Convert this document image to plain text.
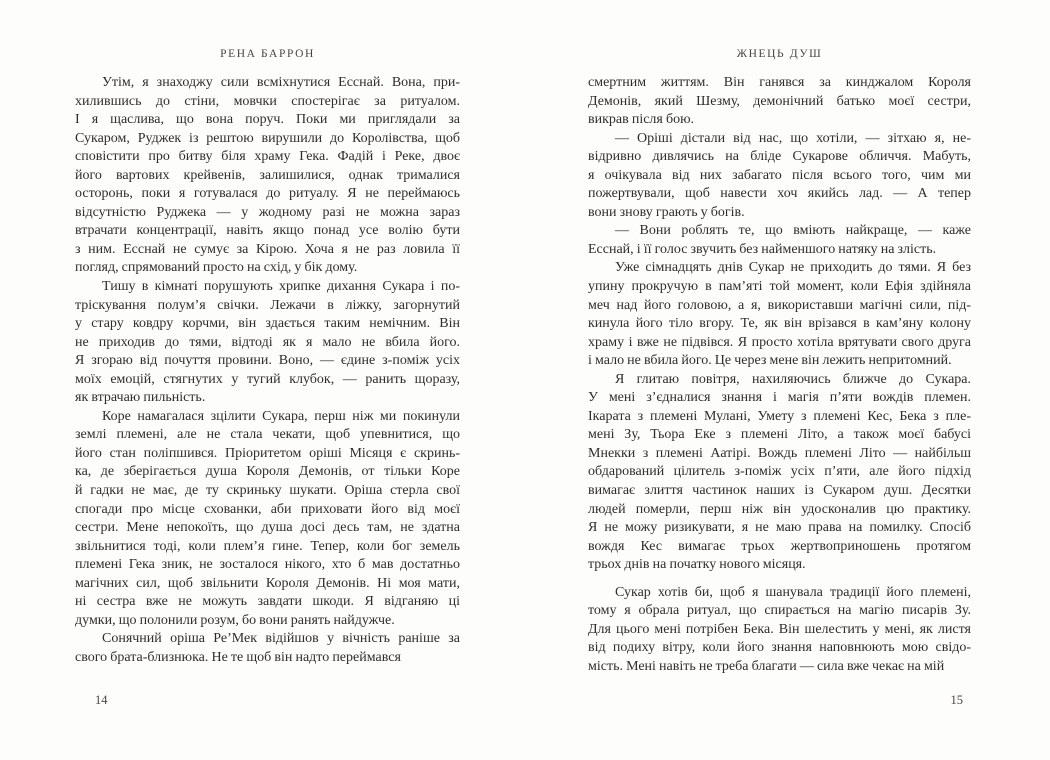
РЕНА БАРРОН	ЖНЕЦЬ ДУШ
Утім, я знаходжу сили всміхнутися Есснай. Вона, при-
хилившись до стіни, мовчки спостерігає за ритуалом.
І я щаслива, що вона поруч. Поки ми приглядали за
Сукаром, Руджек із рештою вирушили до Королівства, щоб
сповістити про битву біля храму Гека. Фадій і Реке, двоє
його вартових крейвенів, залишилися, однак трималися
осторонь, поки я готувалася до ритуалу. Я не переймаюсь
відсутністю Руджека — у жодному разі не можна зараз
втрачати концентрації, навіть якщо понад усе волію бути
з ним. Есснай не сумує за Кірою. Хоча я не раз ловила її
погляд, спрямований просто на схід, у бік дому.
Тишу в кімнаті порушують хрипке дихання Сукара і по-
тріскування полум’я свічки. Лежачи в ліжку, загорнутий
у стару ковдру корчми, він здається таким немічним. Він
не приходив до тями, відтоді як я мало не вбила його.
Я згораю від почуття провини. Воно, — єдине з-поміж усіх
моїх емоцій, стягнутих у тугий клубок, — ранить щоразу,
як втрачаю пильність.
Коре намагалася зцілити Сукара, перш ніж ми покинули
землі племені, але не стала чекати, щоб упевнитися, що
його стан поліпшився. Пріоритетом оріші Місяця є скринь-
ка, де зберігається душа Короля Демонів, от тільки Коре
й гадки не має, де ту скриньку шукати. Оріша стерла свої
спогади про місце схованки, аби приховати його від моєї
сестри. Мене непокоїть, що душа досі десь там, не здатна
звільнитися тоді, коли плем’я гине. Тепер, коли бог земель
племені Гека зник, не зосталося нікого, хто б мав достатньо
магічних сил, щоб звільнити Короля Демонів. Ні моя мати,
ні сестра вже не можуть завдати шкоди. Я відганяю ці
думки, що полонили розум, бо вони ранять найдужче.
Сонячний оріша Ре’Мек відійшов у вічність раніше за
свого брата-близнюка. Не те щоб він надто переймався
смертним життям. Він ганявся за кинджалом Короля
Демонів, який Шезму, демонічний батько моєї сестри,
викрав після бою.
— Оріші дістали від нас, що хотіли, — зітхаю я, не-
відривно дивлячись на бліде Сукарове обличчя. Мабуть,
я очікувала від них забагато після всього того, чим ми
пожертвували, щоб навести хоч якийсь лад. — А тепер
вони знову грають у богів.
— Вони роблять те, що вміють найкраще, — каже
Есснай, і її голос звучить без найменшого натяку на злість.
Уже сімнадцять днів Сукар не приходить до тями. Я без
упину прокручую в пам’яті той момент, коли Ефія здійняла
меч над його головою, а я, використавши магічні сили, під-
кинула його тіло вгору. Те, як він врізався в кам’яну колону
храму і вже не підвівся. Я просто хотіла врятувати свого друга
і мало не вбила його. Це через мене він лежить непритомний.
Я глитаю повітря, нахиляючись ближче до Сукара.
У мені з’єдналися знання і магія п’яти вождів племен.
Ікарата з племені Мулані, Умету з племені Кес, Бека з пле-
мені Зу, Тьора Еке з племені Літо, а також моєї бабусі
Мнекки з племені Аатірі. Вождь племені Літо — найбільш
обдарований цілитель з-поміж усіх п’яти, але його підхід
вимагає злиття частинок наших із Сукаром душ. Десятки
людей померли, перш ніж він удосконалив цю практику.
Я не можу ризикувати, я не маю права на помилку. Спосіб
вождя Кес вимагає трьох жертвоприношень протягом
трьох днів на початку нового місяця.
Сукар хотів би, щоб я шанувала традиції його племені,
тому я обрала ритуал, що спирається на магію писарів Зу.
Для цього мені потрібен Бека. Він шелестить у мені, як листя
від подиху вітру, коли його знання наповнюють мою свідо-
мість. Мені навіть не треба благати — сила вже чекає на мій
14	15
